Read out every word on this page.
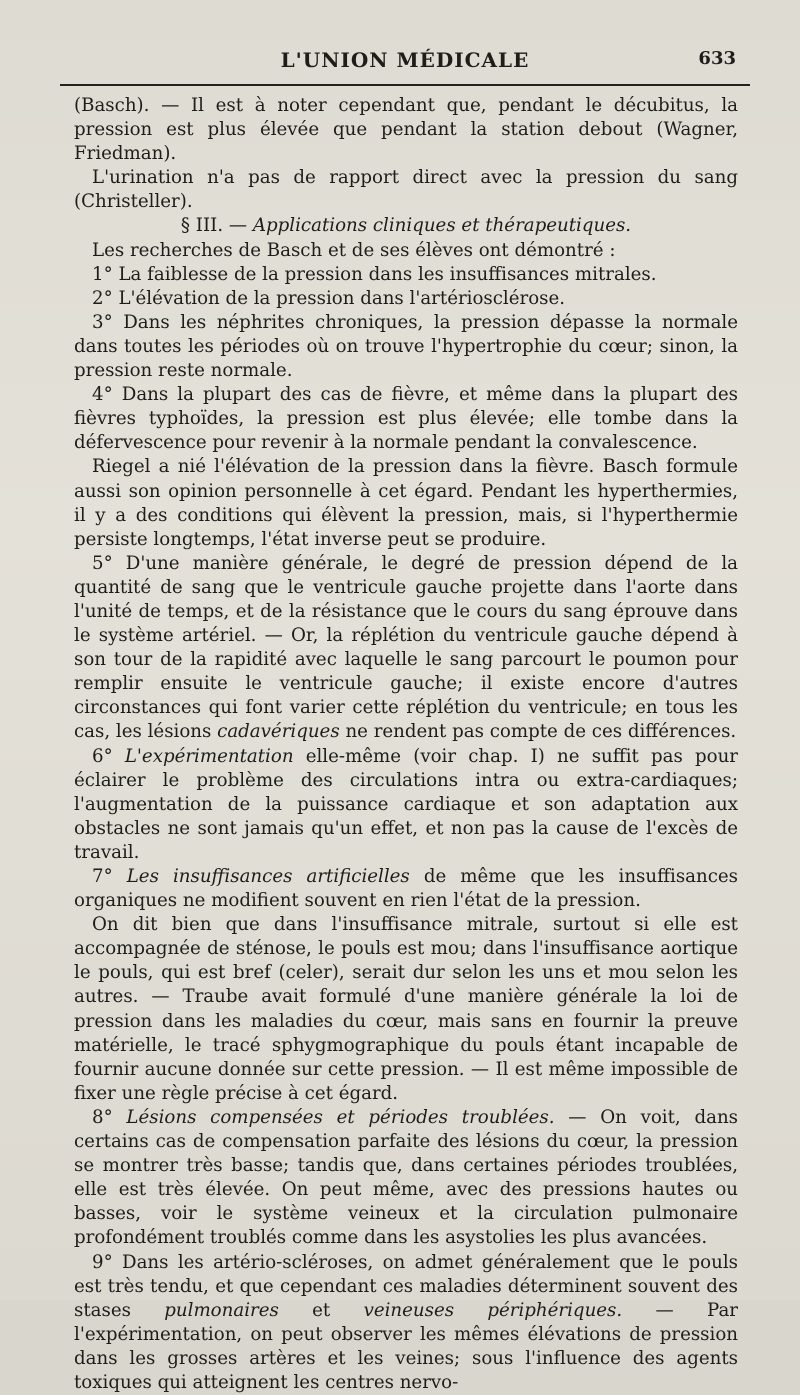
L'UNION MÉDICALE	633

(Basch). — Il est à noter cependant que, pendant le décubitus, la pression est plus élevée que pendant la station debout (Wagner, Friedman).

L'urination n'a pas de rapport direct avec la pression du sang (Christeller).

§ III. — Applications cliniques et thérapeutiques.

Les recherches de Basch et de ses élèves ont démontré :

1° La faiblesse de la pression dans les insuffisances mitrales.

2° L'élévation de la pression dans l'artériosclérose.

3° Dans les néphrites chroniques, la pression dépasse la normale dans toutes les périodes où on trouve l'hypertrophie du cœur; sinon, la pression reste normale.

4° Dans la plupart des cas de fièvre, et même dans la plupart des fièvres typhoïdes, la pression est plus élevée; elle tombe dans la défervescence pour revenir à la normale pendant la convalescence.

Riegel a nié l'élévation de la pression dans la fièvre. Basch formule aussi son opinion personnelle à cet égard. Pendant les hyperthermies, il y a des conditions qui élèvent la pression, mais, si l'hyperthermie persiste longtemps, l'état inverse peut se produire.

5° D'une manière générale, le degré de pression dépend de la quantité de sang que le ventricule gauche projette dans l'aorte dans l'unité de temps, et de la résistance que le cours du sang éprouve dans le système artériel. — Or, la réplétion du ventricule gauche dépend à son tour de la rapidité avec laquelle le sang parcourt le poumon pour remplir ensuite le ventricule gauche; il existe encore d'autres circonstances qui font varier cette réplétion du ventricule; en tous les cas, les lésions cadavériques ne rendent pas compte de ces différences.

6° L'expérimentation elle-même (voir chap. I) ne suffit pas pour éclairer le problème des circulations intra ou extra-cardiaques; l'augmentation de la puissance cardiaque et son adaptation aux obstacles ne sont jamais qu'un effet, et non pas la cause de l'excès de travail.

7° Les insuffisances artificielles de même que les insuffisances organiques ne modifient souvent en rien l'état de la pression.

On dit bien que dans l'insuffisance mitrale, surtout si elle est accompagnée de sténose, le pouls est mou; dans l'insuffisance aortique le pouls, qui est bref (celer), serait dur selon les uns et mou selon les autres. — Traube avait formulé d'une manière générale la loi de pression dans les maladies du cœur, mais sans en fournir la preuve matérielle, le tracé sphygmographique du pouls étant incapable de fournir aucune donnée sur cette pression. — Il est même impossible de fixer une règle précise à cet égard.

8° Lésions compensées et périodes troublées. — On voit, dans certains cas de compensation parfaite des lésions du cœur, la pression se montrer très basse; tandis que, dans certaines périodes troublées, elle est très élevée. On peut même, avec des pressions hautes ou basses, voir le système veineux et la circulation pulmonaire profondément troublés comme dans les asystolies les plus avancées.

9° Dans les artério-scléroses, on admet généralement que le pouls est très tendu, et que cependant ces maladies déterminent souvent des stases pulmonaires et veineuses périphériques. — Par l'expérimentation, on peut observer les mêmes élévations de pression dans les grosses artères et les veines; sous l'influence des agents toxiques qui atteignent les centres nervo-
